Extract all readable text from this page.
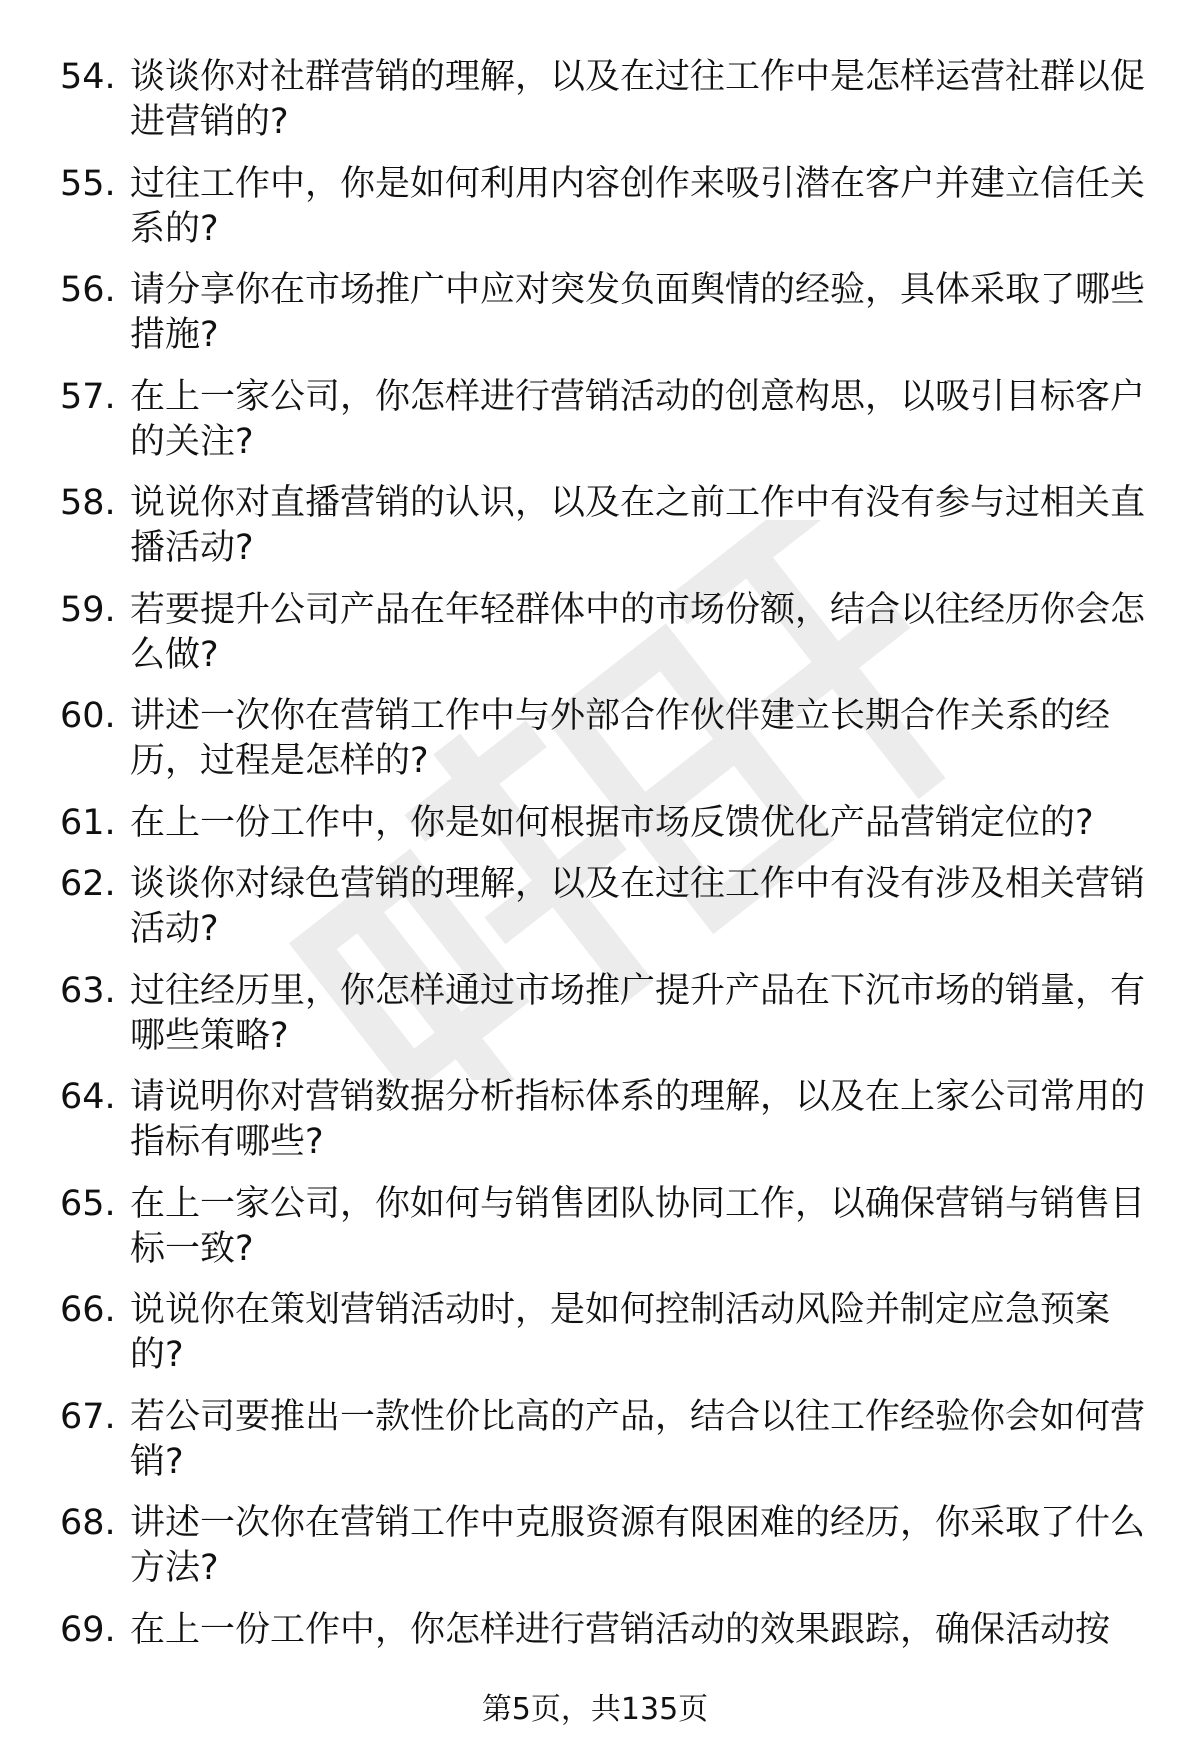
54. 谈谈你对社群营销的理解，以及在过往工作中是怎样运营社群以促进营销的?
55. 过往工作中，你是如何利用内容创作来吸引潜在客户并建立信任关系的?
56. 请分享你在市场推广中应对突发负面舆情的经验，具体采取了哪些措施?
57. 在上一家公司，你怎样进行营销活动的创意构思，以吸引目标客户的关注?
58. 说说你对直播营销的认识，以及在之前工作中有没有参与过相关直播活动?
59. 若要提升公司产品在年轻群体中的市场份额，结合以往经历你会怎么做?
60. 讲述一次你在营销工作中与外部合作伙伴建立长期合作关系的经历，过程是怎样的?
61. 在上一份工作中，你是如何根据市场反馈优化产品营销定位的?
62. 谈谈你对绿色营销的理解，以及在过往工作中有没有涉及相关营销活动?
63. 过往经历里，你怎样通过市场推广提升产品在下沉市场的销量，有哪些策略?
64. 请说明你对营销数据分析指标体系的理解，以及在上家公司常用的指标有哪些?
65. 在上一家公司，你如何与销售团队协同工作，以确保营销与销售目标一致?
66. 说说你在策划营销活动时，是如何控制活动风险并制定应急预案的?
67. 若公司要推出一款性价比高的产品，结合以往工作经验你会如何营销?
68. 讲述一次你在营销工作中克服资源有限困难的经历，你采取了什么方法?
69. 在上一份工作中，你怎样进行营销活动的效果跟踪，确保活动按
第5页，共135页
